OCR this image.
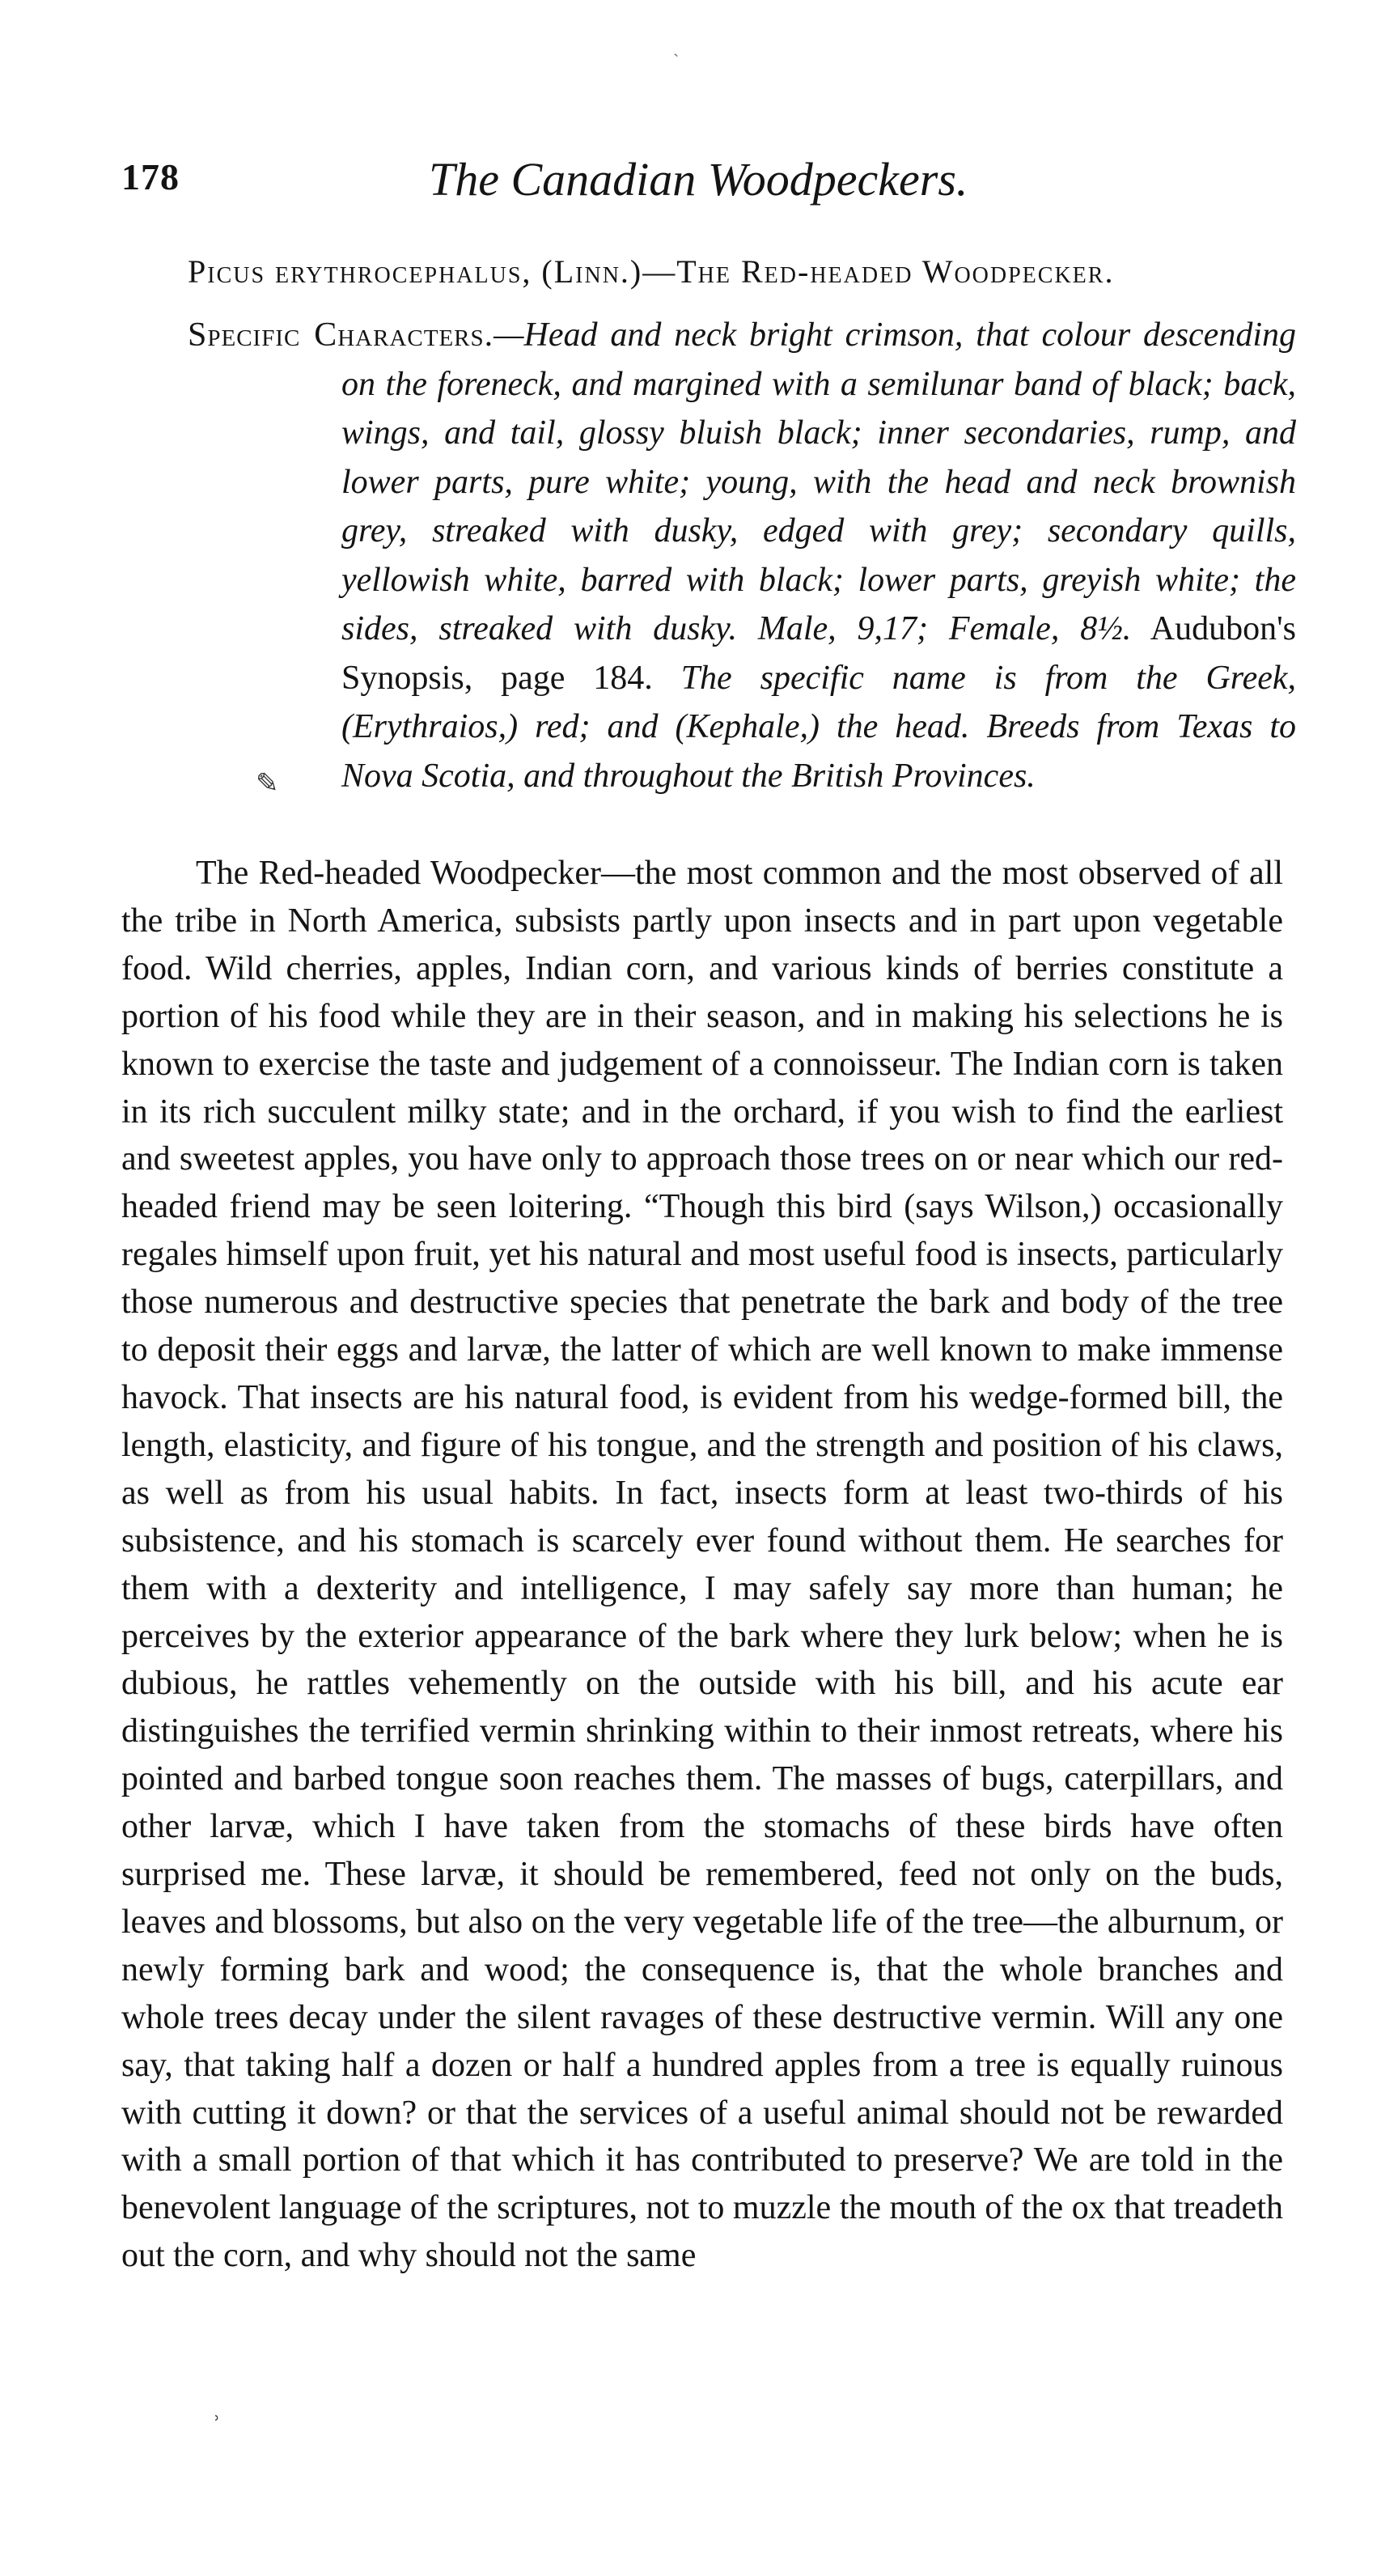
ˋ
178	The Canadian Woodpeckers.
Picus erythrocephalus, (Linn.)—The Red-headed Woodpecker.
Specific Characters.—Head and neck bright crimson, that colour descending on the foreneck, and margined with a semilunar band of black; back, wings, and tail, glossy bluish black; inner secondaries, rump, and lower parts, pure white; young, with the head and neck brownish grey, streaked with dusky, edged with grey; secondary quills, yellowish white, barred with black; lower parts, greyish white; the sides, streaked with dusky. Male, 9,17; Female, 8½. Audubon's Synopsis, page 184. The specific name is from the Greek, (Erythraios,) red; and (Kephale,) the head. Breeds from Texas to Nova Scotia, and throughout the British Provinces.
✎

The Red-headed Woodpecker—the most common and the most observed of all the tribe in North America, subsists partly upon insects and in part upon vegetable food. Wild cherries, apples, Indian corn, and various kinds of berries constitute a portion of his food while they are in their season, and in making his selections he is known to exercise the taste and judgement of a connoisseur. The Indian corn is taken in its rich succulent milky state; and in the orchard, if you wish to find the earliest and sweetest apples, you have only to approach those trees on or near which our red-headed friend may be seen loitering. “Though this bird (says Wilson,) occasionally regales himself upon fruit, yet his natural and most useful food is insects, particularly those numerous and destructive species that penetrate the bark and body of the tree to deposit their eggs and larvæ, the latter of which are well known to make immense havock. That insects are his natural food, is evident from his wedge-formed bill, the length, elasticity, and figure of his tongue, and the strength and position of his claws, as well as from his usual habits. In fact, insects form at least two-thirds of his subsistence, and his stomach is scarcely ever found without them. He searches for them with a dexterity and intelligence, I may safely say more than human; he perceives by the exterior appearance of the bark where they lurk below; when he is dubious, he rattles vehemently on the outside with his bill, and his acute ear distinguishes the terrified vermin shrinking within to their inmost retreats, where his pointed and barbed tongue soon reaches them. The masses of bugs, caterpillars, and other larvæ, which I have taken from the stomachs of these birds have often surprised me. These larvæ, it should be remembered, feed not only on the buds, leaves and blossoms, but also on the very vegetable life of the tree—the alburnum, or newly forming bark and wood; the consequence is, that the whole branches and whole trees decay under the silent ravages of these destructive vermin. Will any one say, that taking half a dozen or half a hundred apples from a tree is equally ruinous with cutting it down? or that the services of a useful animal should not be rewarded with a small portion of that which it has contributed to preserve? We are told in the benevolent language of the scriptures, not to muzzle the mouth of the ox that treadeth out the corn, and why should not the same

ʾ
